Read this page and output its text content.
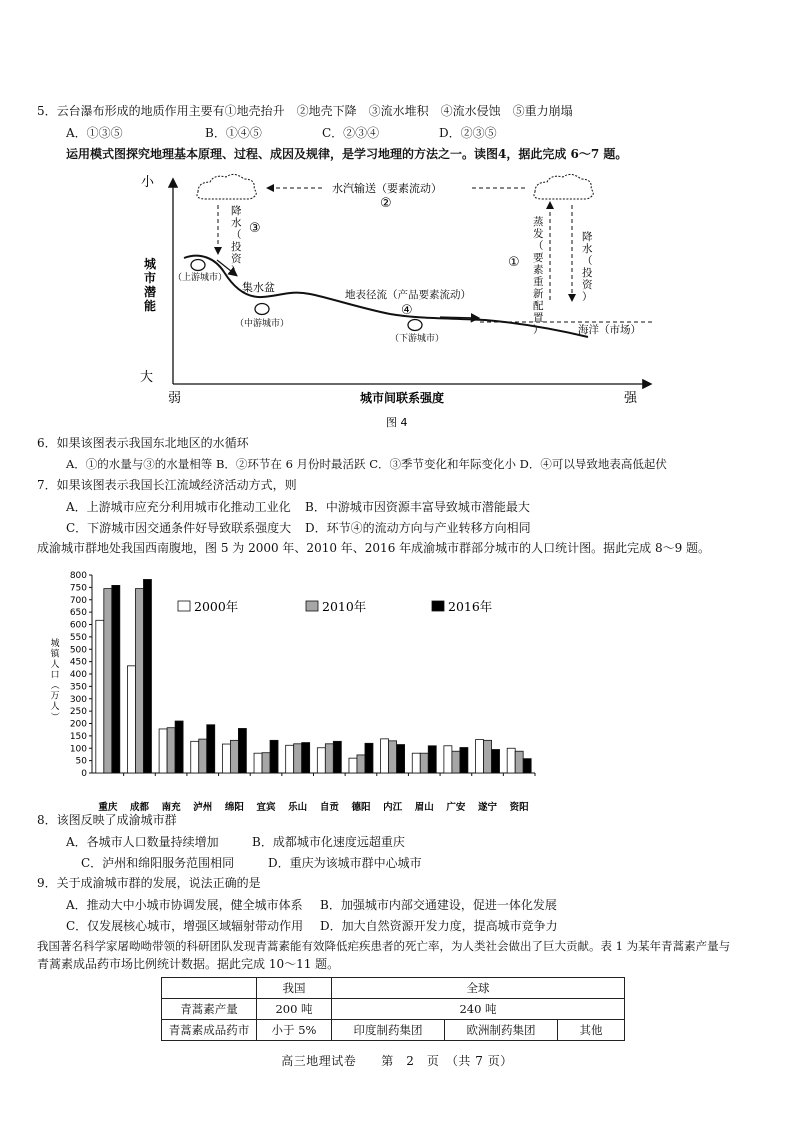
5．云台瀑布形成的地质作用主要有①地壳抬升　②地壳下降　③流水堆积　④流水侵蚀　⑤重力崩塌
A．①③⑤	B．①④⑤	C．②③④	D．②③⑤
运用模式图探究地理基本原理、过程、成因及规律，是学习地理的方法之一。读图4，据此完成 6～7 题。
小
大
城
市
潜
能
弱	城市间联系强度	强
水汽输送（要素流动）
②
降
水
（
投
资
）
③	蒸
发
（
要
素
重
新
配
置
）
①
降
水
（
投
资
）
（上游城市）
集水盆
（中游城市）
地表径流（产品要素流动）
④
（下游城市）
海洋（市场）
图 4
6．如果该图表示我国东北地区的水循环
A．①的水量与③的水量相等 B．②环节在 6 月份时最活跃 C．③季节变化和年际变化小 D．④可以导致地表高低起伏
7．如果该图表示我国长江流域经济活动方式，则
A．上游城市应充分利用城市化推动工业化 B．中游城市因资源丰富导致城市潜能最大
C．下游城市因交通条件好导致联系强度大 D．环节④的流动方向与产业转移方向相同
成渝城市群地处我国西南腹地，图 5 为 2000 年、2010 年、2016 年成渝城市群部分城市的人口统计图。据此完成 8～9 题。
0
50
100
150
200
250
300
350
400
450
500
550
600
650
700
750
800
城
镇
人
口
（
万
人
）
重庆 成都 南充 泸州 绵阳 宜宾 乐山 自贡 德阳 内江 眉山 广安 遂宁 资阳
2000年	2010年	2016年
8．该图反映了成渝城市群
A．各城市人口数量持续增加	B．成都城市化速度远超重庆
C．泸州和绵阳服务范围相同	D．重庆为该城市群中心城市
9．关于成渝城市群的发展，说法正确的是
A．推动大中小城市协调发展，健全城市体系 B．加强城市内部交通建设，促进一体化发展
C．仅发展核心城市，增强区域辐射带动作用 D．加大自然资源开发力度，提高城市竞争力
我国著名科学家屠呦呦带领的科研团队发现青蒿素能有效降低疟疾患者的死亡率，为人类社会做出了巨大贡献。表 1 为某年青蒿素产量与
青蒿素成品药市场比例统计数据。据此完成 10～11 题。
	我国	全球		
青蒿素产量	200 吨	240 吨		
青蒿素成品药市	小于 5%	印度制药集团	欧洲制药集团	其他
高三地理试卷　　第　2　页　（共 7 页）
